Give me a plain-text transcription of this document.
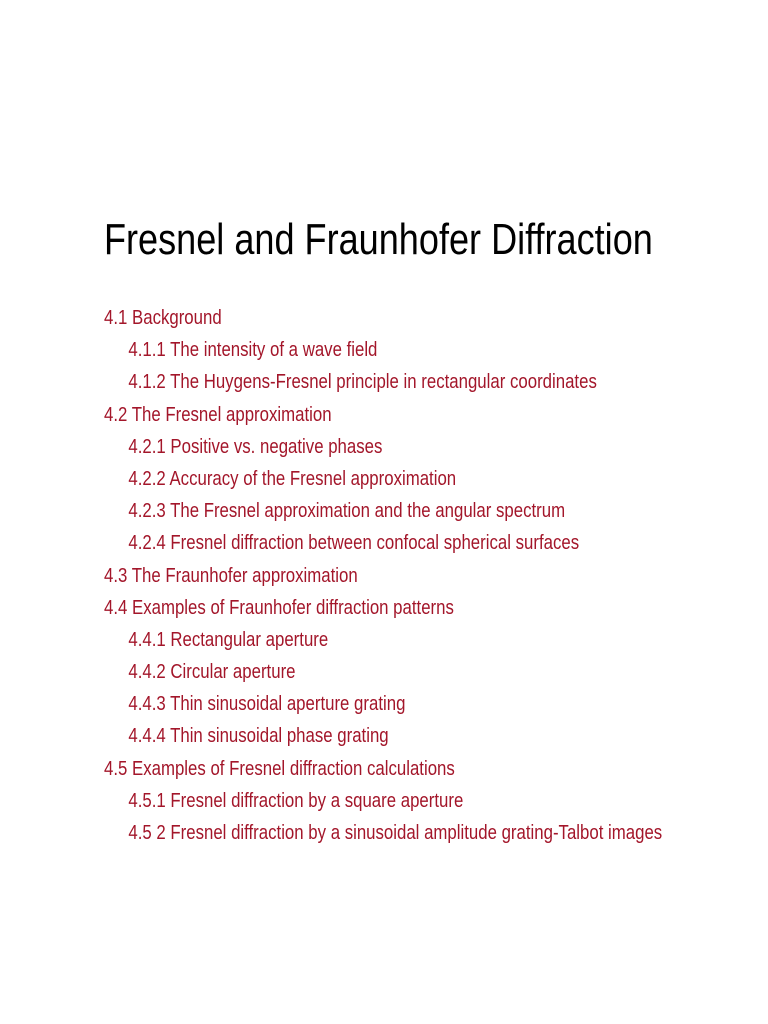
Fresnel and Fraunhofer Diffraction
4.1 Background
4.1.1 The intensity of a wave field
4.1.2 The Huygens-Fresnel principle in rectangular coordinates
4.2 The Fresnel approximation
4.2.1 Positive vs. negative phases
4.2.2 Accuracy of the Fresnel approximation
4.2.3 The Fresnel approximation and the angular spectrum
4.2.4 Fresnel diffraction between confocal spherical surfaces
4.3 The Fraunhofer approximation
4.4 Examples of Fraunhofer diffraction patterns
4.4.1 Rectangular aperture
4.4.2 Circular aperture
4.4.3 Thin sinusoidal aperture grating
4.4.4 Thin sinusoidal phase grating
4.5 Examples of Fresnel diffraction calculations
4.5.1 Fresnel diffraction by a square aperture
4.5 2 Fresnel diffraction by a sinusoidal amplitude grating-Talbot images
